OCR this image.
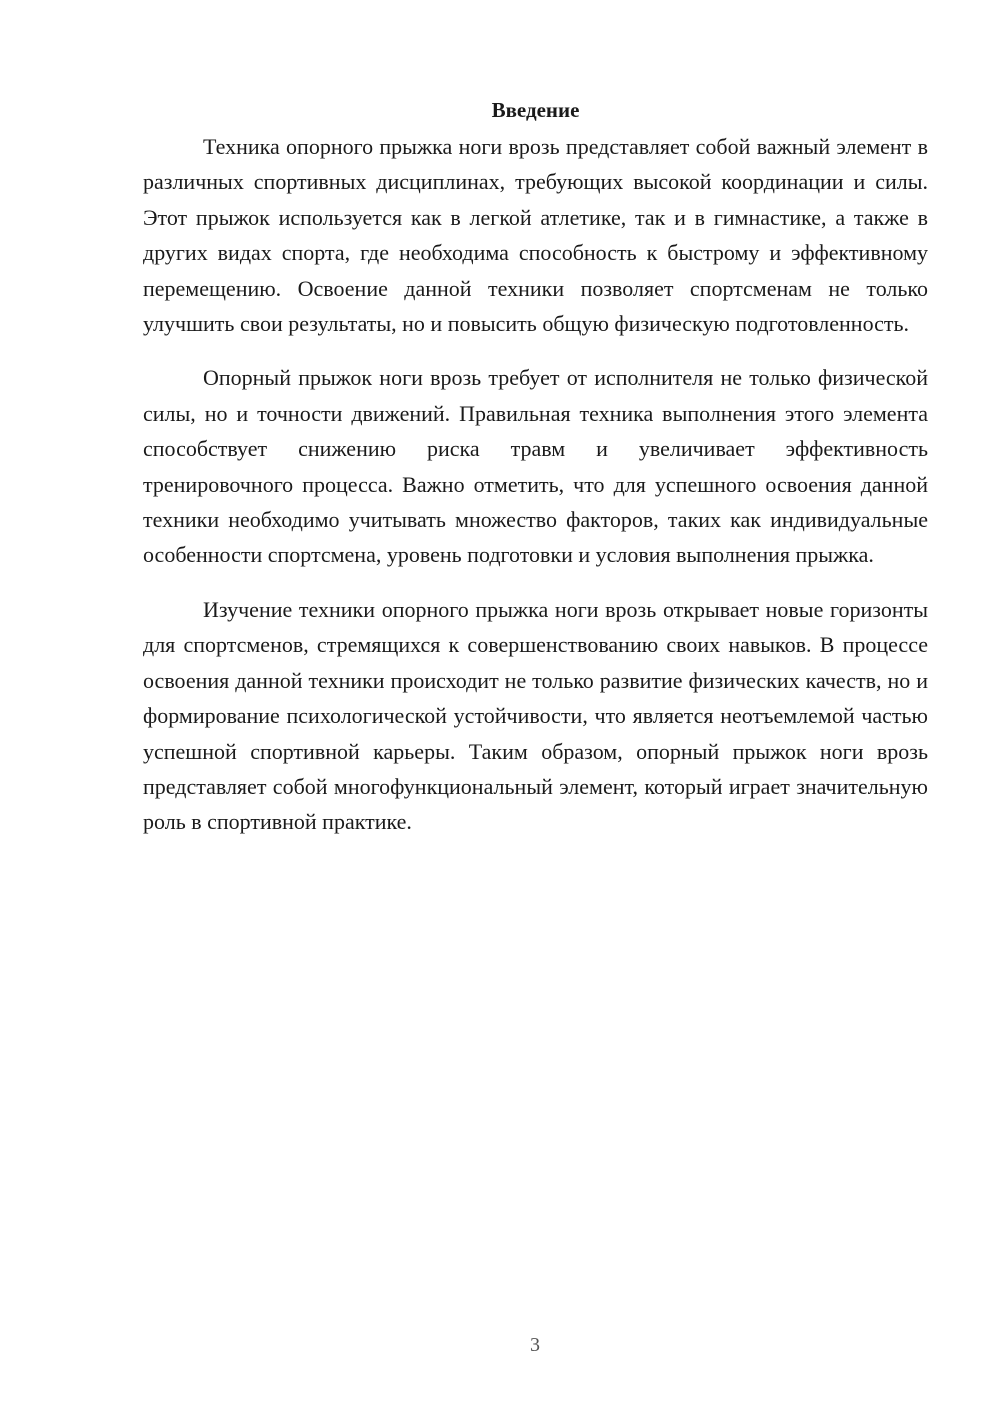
Введение

Техника опорного прыжка ноги врозь представляет собой важный элемент в различных спортивных дисциплинах, требующих высокой координации и силы. Этот прыжок используется как в легкой атлетике, так и в гимнастике, а также в других видах спорта, где необходима способность к быстрому и эффективному перемещению. Освоение данной техники позволяет спортсменам не только улучшить свои результаты, но и повысить общую физическую подготовленность.

Опорный прыжок ноги врозь требует от исполнителя не только физической силы, но и точности движений. Правильная техника выполнения этого элемента способствует снижению риска травм и увеличивает эффективность тренировочного процесса. Важно отметить, что для успешного освоения данной техники необходимо учитывать множество факторов, таких как индивидуальные особенности спортсмена, уровень подготовки и условия выполнения прыжка.

Изучение техники опорного прыжка ноги врозь открывает новые горизонты для спортсменов, стремящихся к совершенствованию своих навыков. В процессе освоения данной техники происходит не только развитие физических качеств, но и формирование психологической устойчивости, что является неотъемлемой частью успешной спортивной карьеры. Таким образом, опорный прыжок ноги врозь представляет собой многофункциональный элемент, который играет значительную роль в спортивной практике.

3
